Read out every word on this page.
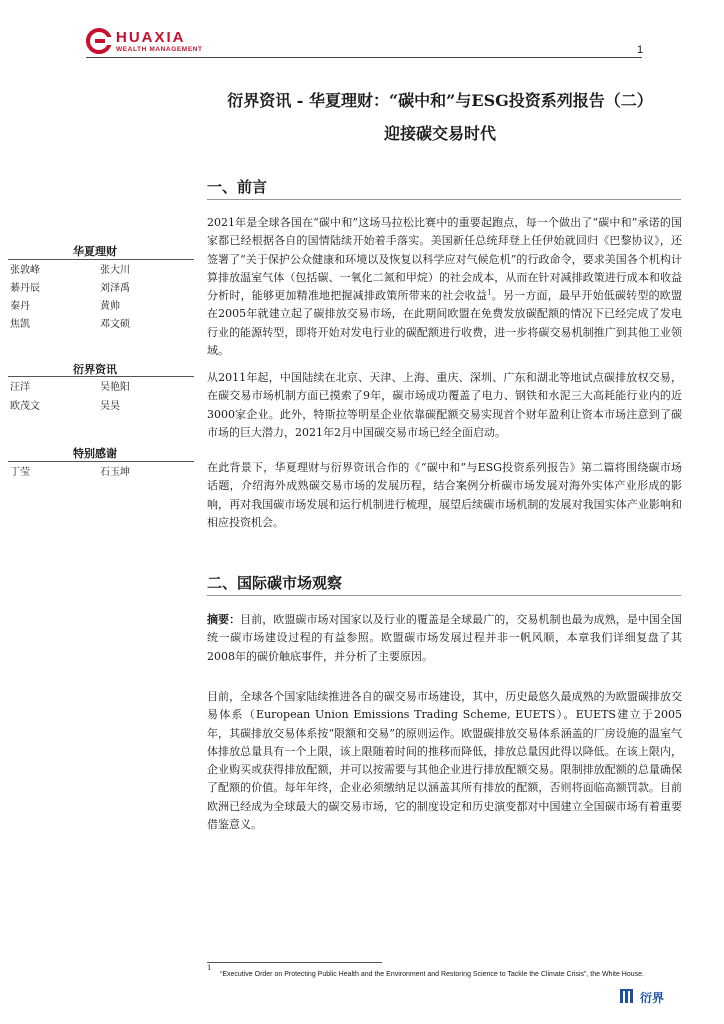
HUAXIA
WEALTH MANAGEMENT	1
衍界资讯 - 华夏理财：“碳中和”与ESG投资系列报告（二）
迎接碳交易时代
一、前言
2021年是全球各国在“碳中和”这场马拉松比赛中的重要起跑点，每一个做出了“碳中和”承诺的国家都已经根据各自的国情陆续开始着手落实。美国新任总统拜登上任伊始就回归《巴黎协议》，还签署了“关于保护公众健康和环境以及恢复以科学应对气候危机”的行政命令，要求美国各个机构计算排放温室气体（包括碳、一氧化二氮和甲烷）的社会成本，从而在针对减排政策进行成本和收益分析时，能够更加精准地把握减排政策所带来的社会收益$^1$。另一方面，最早开始低碳转型的欧盟在2005年就建立起了碳排放交易市场，在此期间欧盟在免费发放碳配额的情况下已经完成了发电行业的能源转型，即将开始对发电行业的碳配额进行收费，进一步将碳交易机制推广到其他工业领域。
从2011年起，中国陆续在北京、天津、上海、重庆、深圳、广东和湖北等地试点碳排放权交易，在碳交易市场机制方面已摸索了9年，碳市场成功覆盖了电力、钢铁和水泥三大高耗能行业内的近3000家企业。此外，特斯拉等明星企业依靠碳配额交易实现首个财年盈利让资本市场注意到了碳市场的巨大潜力，2021年2月中国碳交易市场已经全面启动。
在此背景下，华夏理财与衍界资讯合作的《“碳中和”与ESG投资系列报告》第二篇将围绕碳市场话题，介绍海外成熟碳交易市场的发展历程，结合案例分析碳市场发展对海外实体产业形成的影响，再对我国碳市场发展和运行机制进行梳理，展望后续碳市场机制的发展对我国实体产业影响和相应投资机会。
二、国际碳市场观察
摘要：目前，欧盟碳市场对国家以及行业的覆盖是全球最广的，交易机制也最为成熟，是中国全国统一碳市场建设过程的有益参照。欧盟碳市场发展过程并非一帆风顺，本章我们详细复盘了其2008年的碳价触底事件，并分析了主要原因。
目前，全球各个国家陆续推进各自的碳交易市场建设，其中，历史最悠久最成熟的为欧盟碳排放交易体系（European Union Emissions Trading Scheme, EUETS）。EUETS建立于2005年，其碳排放交易体系按“限额和交易”的原则运作。欧盟碳排放交易体系涵盖的厂房设施的温室气体排放总量具有一个上限，该上限随着时间的推移而降低，排放总量因此得以降低。在该上限内，企业购买或获得排放配额，并可以按需要与其他企业进行排放配额交易。限制排放配额的总量确保了配额的价值。每年年终，企业必须缴纳足以涵盖其所有排放的配额，否则将面临高额罚款。目前欧洲已经成为全球最大的碳交易市场，它的制度设定和历史演变都对中国建立全国碳市场有着重要借鉴意义。
华夏理财
张敦峰	张大川
綦丹辰	刘泽禹
秦丹	黄帅
焦凯	邓文硕
衍界资讯
汪洋	吴艳阳
欧茂文	吴昊
特别感谢
丁莹	石玉坤
1
“Executive Order on Protecting Public Health and the Environment and Restoring Science to Tackle the Climate Crisis”, the White House.
衍界
